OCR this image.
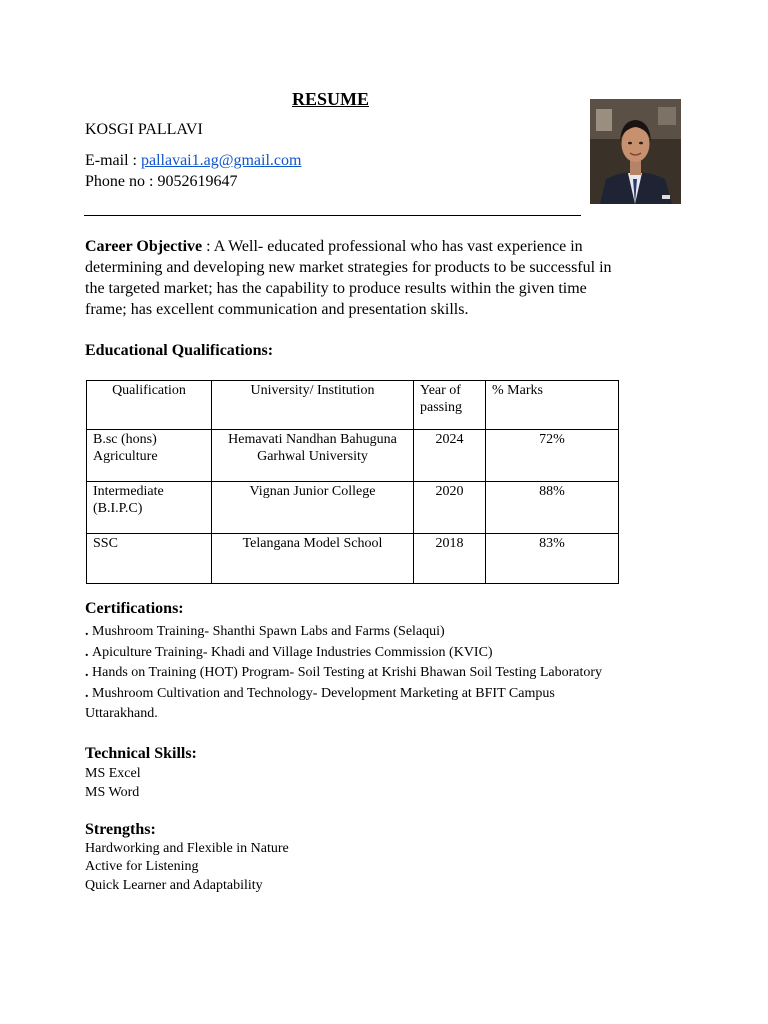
RESUME
KOSGI PALLAVI
E-mail : pallavai1.ag@gmail.com
Phone no : 9052619647
Career Objective : A Well- educated professional who has vast experience in determining and developing new market strategies for products to be successful in the targeted market; has the capability to produce results within the given time frame; has excellent communication and presentation skills.
Educational Qualifications:
Qualification	University/ Institution	Year of passing	% Marks
B.sc (hons) Agriculture	Hemavati Nandhan Bahuguna Garhwal University	2024	72%
Intermediate (B.I.P.C)	Vignan Junior College	2020	88%
SSC	Telangana Model School	2018	83%
Certifications:
. Mushroom Training- Shanthi Spawn Labs and Farms (Selaqui)
. Apiculture Training- Khadi and Village Industries Commission (KVIC)
. Hands on Training (HOT) Program- Soil Testing at Krishi Bhawan Soil Testing Laboratory
. Mushroom Cultivation and Technology- Development Marketing at BFIT Campus Uttarakhand.
Technical Skills:
MS Excel
MS Word
Strengths:
Hardworking and Flexible in Nature
Active for Listening
Quick Learner and Adaptability
